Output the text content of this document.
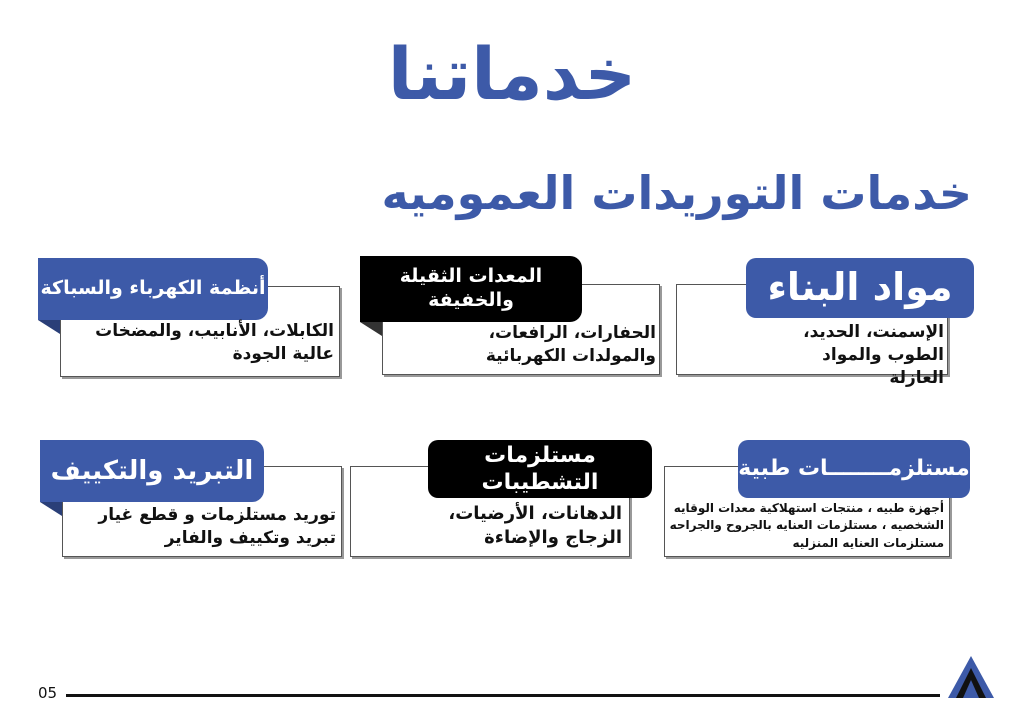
خدماتنا
خدمات التوريدات العموميه
مواد البناء
الإسمنت، الحديد، الطوب والمواد العازلة
المعدات الثقيلة والخفيفة
الحفارات، الرافعات، والمولدات الكهربائية
أنظمة الكهرباء والسباكة
الكابلات، الأنابيب، والمضخات عالية الجودة
مستلزمــــــــات طبية
أجهزة طبيه ، منتجات استهلاكية معدات الوقايه الشخصيه ، مستلزمات العنايه بالجروح والجراحه مستلزمات العنايه المنزليه
مستلزمات التشطيبات
الدهانات، الأرضيات، الزجاج والإضاءة
التبريد والتكييف
توريد مستلزمات و قطع غيار تبريد وتكييف والفاير
05
